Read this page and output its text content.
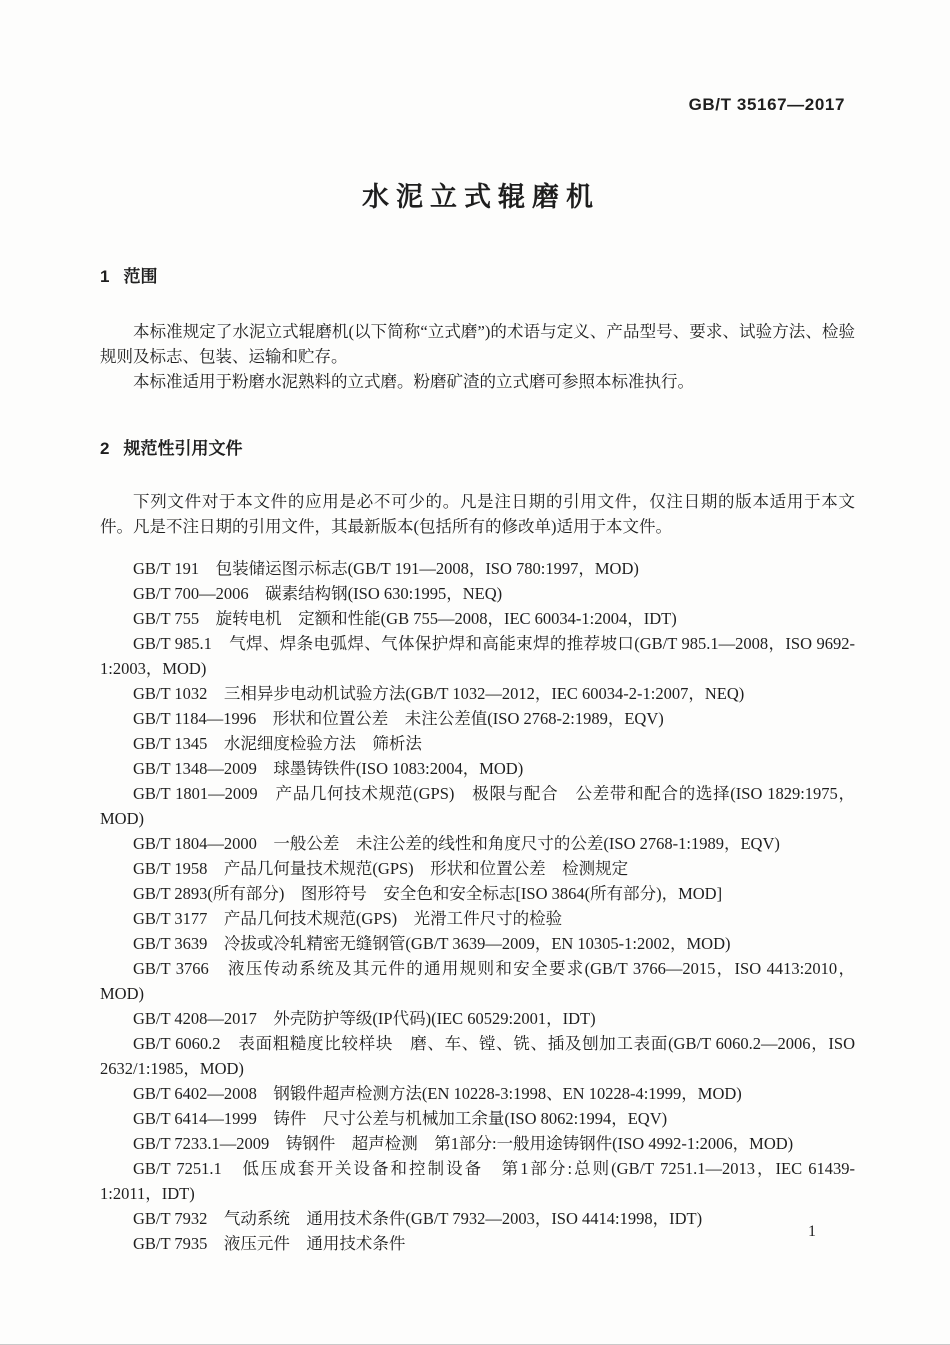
GB/T 35167—2017
水泥立式辊磨机
1 范围

本标准规定了水泥立式辊磨机(以下简称“立式磨”)的术语与定义、产品型号、要求、试验方法、检验规则及标志、包装、运输和贮存。

本标准适用于粉磨水泥熟料的立式磨。粉磨矿渣的立式磨可参照本标准执行。

2 规范性引用文件

下列文件对于本文件的应用是必不可少的。凡是注日期的引用文件，仅注日期的版本适用于本文件。凡是不注日期的引用文件，其最新版本(包括所有的修改单)适用于本文件。

GB/T 191　包装储运图示标志(GB/T 191—2008，ISO 780:1997，MOD)

GB/T 700—2006　碳素结构钢(ISO 630:1995，NEQ)

GB/T 755　旋转电机　定额和性能(GB 755—2008，IEC 60034-1:2004，IDT)

GB/T 985.1　气焊、焊条电弧焊、气体保护焊和高能束焊的推荐坡口(GB/T 985.1—2008，ISO 9692-1:2003，MOD)

GB/T 1032　三相异步电动机试验方法(GB/T 1032—2012，IEC 60034-2-1:2007，NEQ)

GB/T 1184—1996　形状和位置公差　未注公差值(ISO 2768-2:1989，EQV)

GB/T 1345　水泥细度检验方法　筛析法

GB/T 1348—2009　球墨铸铁件(ISO 1083:2004，MOD)

GB/T 1801—2009　产品几何技术规范(GPS)　极限与配合　公差带和配合的选择(ISO 1829:1975，MOD)

GB/T 1804—2000　一般公差　未注公差的线性和角度尺寸的公差(ISO 2768-1:1989，EQV)

GB/T 1958　产品几何量技术规范(GPS)　形状和位置公差　检测规定

GB/T 2893(所有部分)　图形符号　安全色和安全标志[ISO 3864(所有部分)，MOD]

GB/T 3177　产品几何技术规范(GPS)　光滑工件尺寸的检验

GB/T 3639　冷拔或冷轧精密无缝钢管(GB/T 3639—2009，EN 10305-1:2002，MOD)

GB/T 3766　液压传动系统及其元件的通用规则和安全要求(GB/T 3766—2015，ISO 4413:2010，MOD)

GB/T 4208—2017　外壳防护等级(IP代码)(IEC 60529:2001，IDT)

GB/T 6060.2　表面粗糙度比较样块　磨、车、镗、铣、插及刨加工表面(GB/T 6060.2—2006，ISO 2632/1:1985，MOD)

GB/T 6402—2008　钢锻件超声检测方法(EN 10228-3:1998、EN 10228-4:1999，MOD)

GB/T 6414—1999　铸件　尺寸公差与机械加工余量(ISO 8062:1994，EQV)

GB/T 7233.1—2009　铸钢件　超声检测　第1部分:一般用途铸钢件(ISO 4992-1:2006，MOD)

GB/T 7251.1　低压成套开关设备和控制设备　第1部分:总则(GB/T 7251.1—2013，IEC 61439-1:2011，IDT)

GB/T 7932　气动系统　通用技术条件(GB/T 7932—2003，ISO 4414:1998，IDT)

GB/T 7935　液压元件　通用技术条件

1
